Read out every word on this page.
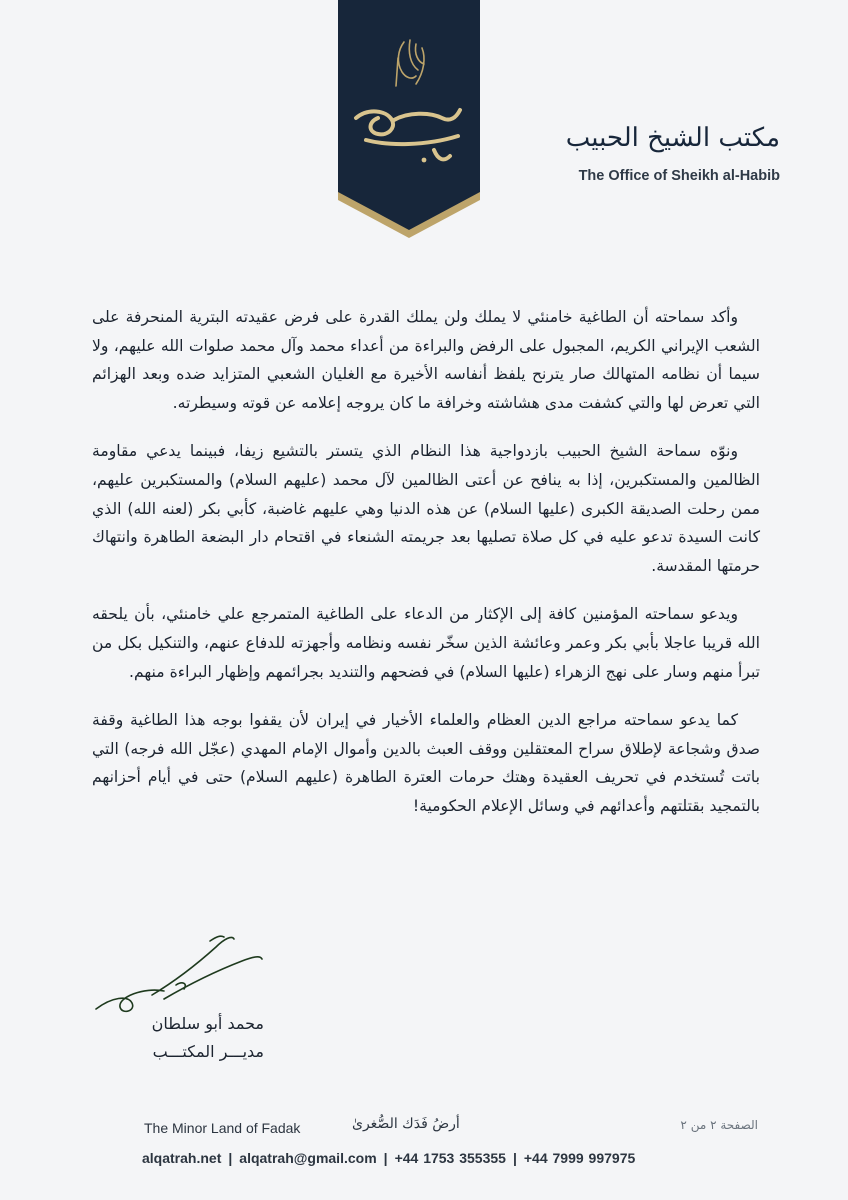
مكتب الشيخ الحبيب
The Office of Sheikh al-Habib

وأكد سماحته أن الطاغية خامنئي لا يملك ولن يملك القدرة على فرض عقيدته البترية المنحرفة على الشعب الإيراني الكريم، المجبول على الرفض والبراءة من أعداء محمد وآل محمد صلوات الله عليهم، ولا سيما أن نظامه المتهالك صار يترنح يلفظ أنفاسه الأخيرة مع الغليان الشعبي المتزايد ضده وبعد الهزائم التي تعرض لها والتي كشفت مدى هشاشته وخرافة ما كان يروجه إعلامه عن قوته وسيطرته.

ونوّه سماحة الشيخ الحبيب بازدواجية هذا النظام الذي يتستر بالتشيع زيفا، فبينما يدعي مقاومة الظالمين والمستكبرين، إذا به ينافح عن أعتى الظالمين لآل محمد (عليهم السلام) والمستكبرين عليهم، ممن رحلت الصديقة الكبرى (عليها السلام) عن هذه الدنيا وهي عليهم غاضبة، كأبي بكر (لعنه الله) الذي كانت السيدة تدعو عليه في كل صلاة تصليها بعد جريمته الشنعاء في اقتحام دار البضعة الطاهرة وانتهاك حرمتها المقدسة.

ويدعو سماحته المؤمنين كافة إلى الإكثار من الدعاء على الطاغية المتمرجع علي خامنئي، بأن يلحقه الله قريبا عاجلا بأبي بكر وعمر وعائشة الذين سخّر نفسه ونظامه وأجهزته للدفاع عنهم، والتنكيل بكل من تبرأ منهم وسار على نهج الزهراء (عليها السلام) في فضحهم والتنديد بجرائمهم وإظهار البراءة منهم.

كما يدعو سماحته مراجع الدين العظام والعلماء الأخيار في إيران لأن يقفوا بوجه هذا الطاغية وقفة صدق وشجاعة لإطلاق سراح المعتقلين ووقف العبث بالدين وأموال الإمام المهدي (عجّل الله فرجه) التي باتت تُستخدم في تحريف العقيدة وهتك حرمات العترة الطاهرة (عليهم السلام) حتى في أيام أحزانهم بالتمجيد بقتلتهم وأعدائهم في وسائل الإعلام الحكومية!

محمد أبو سلطان
مديـــر المكتـــب
The Minor Land of Fadak	أرضُ فَدَك الصُّغرىٰ	الصفحة ٢ من ٢
alqatrah.net | alqatrah@gmail.com | +44 1753 355355 | +44 7999 997975
